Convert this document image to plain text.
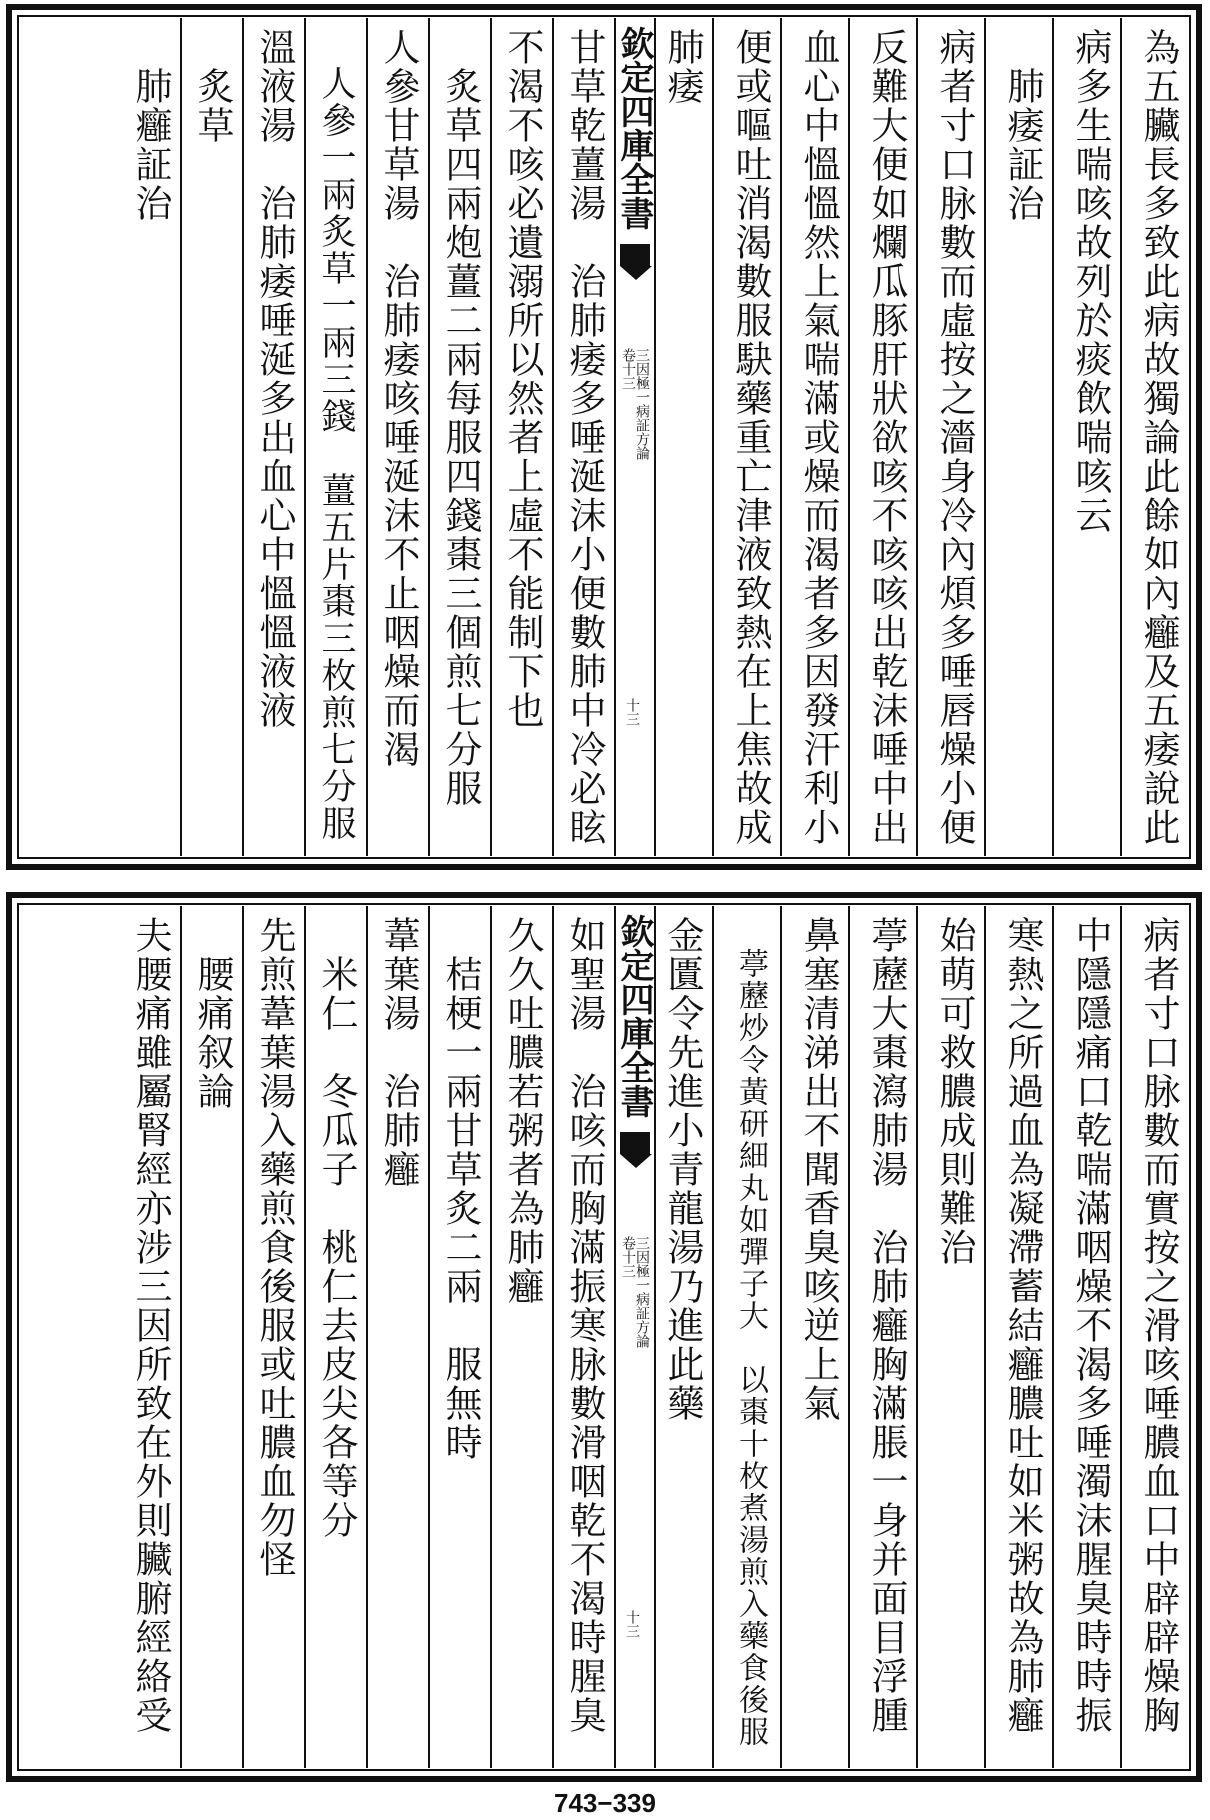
為五臟長多致此病故獨論此餘如內癰及五痿說此
病多生喘咳故列於痰飲喘咳云
　肺痿証治
病者寸口脉數而虛按之濇身冷內煩多唾唇燥小便
反難大便如爛瓜豚肝狀欲咳不咳咳出乾沫唾中出
血心中慍慍然上氣喘滿或燥而渴者多因發汗利小
便或嘔吐消渴數服駃藥重亡津液致熱在上焦故成
肺痿
欽定四庫全書
三因極一病証方論
卷十三
十三
甘草乾薑湯　治肺痿多唾涎沫小便數肺中冷必眩
不渴不咳必遺溺所以然者上虛不能制下也
　炙草四兩炮薑二兩每服四錢棗三個煎七分服
人參甘草湯　治肺痿咳唾涎沫不止咽燥而渴
　人參一兩炙草一兩三錢　薑五片棗三枚煎七分服
溫液湯　治肺痿唾涎多出血心中慍慍液液
　炙草
　肺癰証治
病者寸口脉數而實按之滑咳唾膿血口中辟辟燥胸
中隱隱痛口乾喘滿咽燥不渴多唾濁沫腥臭時時振
寒熱之所過血為凝滯蓄結癰膿吐如米粥故為肺癰
始萌可救膿成則難治
葶藶大棗瀉肺湯　治肺癰胸滿脹一身并面目浮腫
鼻塞清涕出不聞香臭咳逆上氣
　葶藶炒令黃研細丸如彈子大　以棗十枚煮湯煎入藥食後服
金匱令先進小青龍湯乃進此藥
欽定四庫全書
三因極一病証方論
卷十三
十三
如聖湯　治咳而胸滿振寒脉數滑咽乾不渴時腥臭
久久吐膿若粥者為肺癰
　桔梗一兩甘草炙二兩　服無時
葦葉湯　治肺癰
　米仁　冬瓜子　桃仁去皮尖各等分
先煎葦葉湯入藥煎食後服或吐膿血勿怪
　腰痛叙論
夫腰痛雖屬腎經亦涉三因所致在外則臟腑經絡受
743−339
